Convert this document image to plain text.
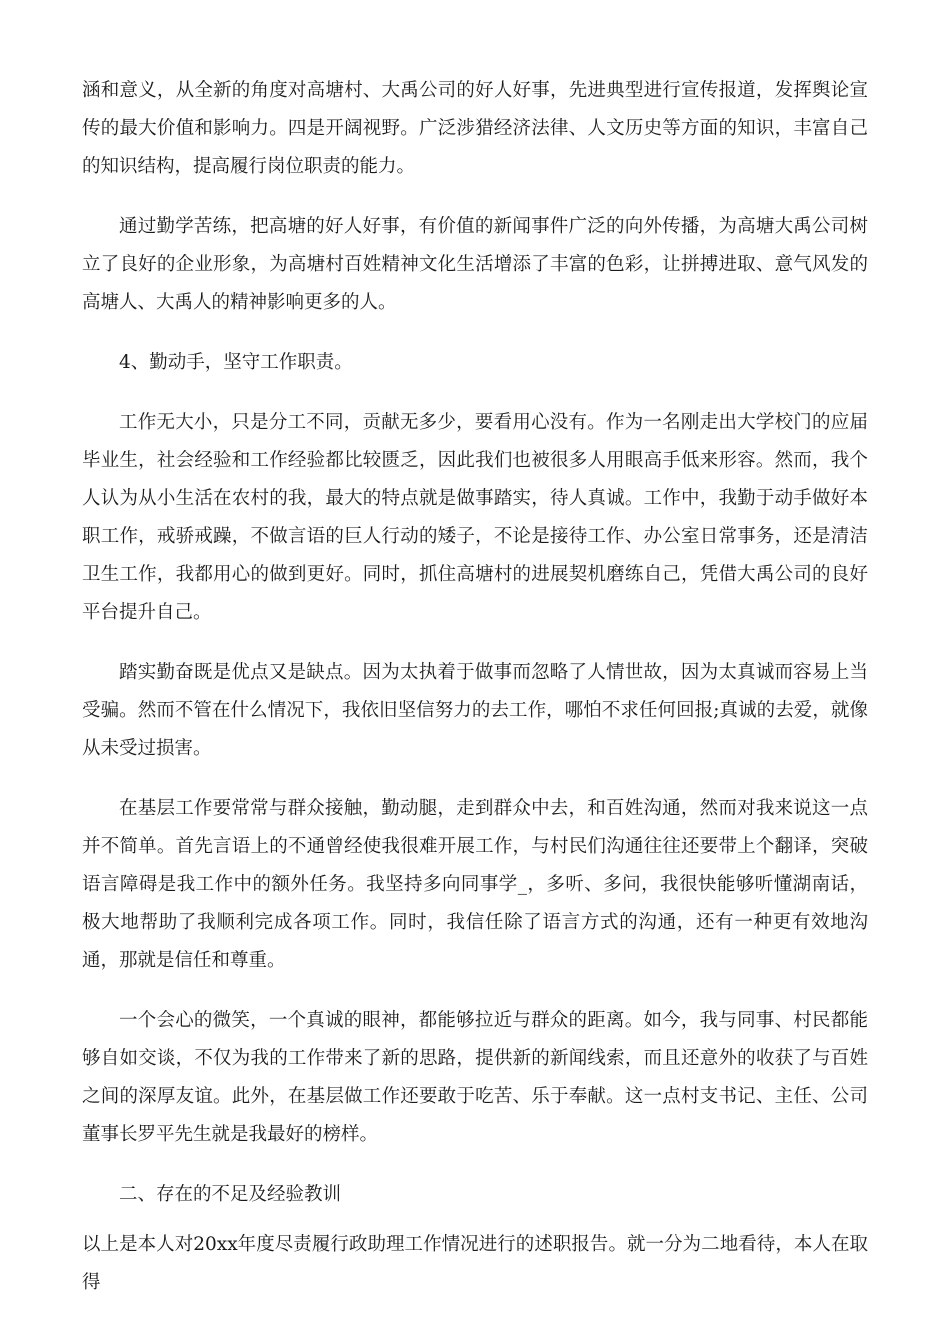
涵和意义，从全新的角度对高塘村、大禹公司的好人好事，先进典型进行宣传报道，发挥舆论宣传的最大价值和影响力。四是开阔视野。广泛涉猎经济法律、人文历史等方面的知识，丰富自己的知识结构，提高履行岗位职责的能力。

通过勤学苦练，把高塘的好人好事，有价值的新闻事件广泛的向外传播，为高塘大禹公司树立了良好的企业形象，为高塘村百姓精神文化生活增添了丰富的色彩，让拼搏进取、意气风发的高塘人、大禹人的精神影响更多的人。

4、勤动手，坚守工作职责。

工作无大小，只是分工不同，贡献无多少，要看用心没有。作为一名刚走出大学校门的应届毕业生，社会经验和工作经验都比较匮乏，因此我们也被很多人用眼高手低来形容。然而，我个人认为从小生活在农村的我，最大的特点就是做事踏实，待人真诚。工作中，我勤于动手做好本职工作，戒骄戒躁，不做言语的巨人行动的矮子，不论是接待工作、办公室日常事务，还是清洁卫生工作，我都用心的做到更好。同时，抓住高塘村的进展契机磨练自己，凭借大禹公司的良好平台提升自己。

踏实勤奋既是优点又是缺点。因为太执着于做事而忽略了人情世故，因为太真诚而容易上当受骗。然而不管在什么情况下，我依旧坚信努力的去工作，哪怕不求任何回报;真诚的去爱，就像从未受过损害。

在基层工作要常常与群众接触，勤动腿，走到群众中去，和百姓沟通，然而对我来说这一点并不简单。首先言语上的不通曾经使我很难开展工作，与村民们沟通往往还要带上个翻译，突破语言障碍是我工作中的额外任务。我坚持多向同事学_，多听、多问，我很快能够听懂湖南话，极大地帮助了我顺利完成各项工作。同时，我信任除了语言方式的沟通，还有一种更有效地沟通，那就是信任和尊重。

一个会心的微笑，一个真诚的眼神，都能够拉近与群众的距离。如今，我与同事、村民都能够自如交谈，不仅为我的工作带来了新的思路，提供新的新闻线索，而且还意外的收获了与百姓之间的深厚友谊。此外，在基层做工作还要敢于吃苦、乐于奉献。这一点村支书记、主任、公司董事长罗平先生就是我最好的榜样。

二、存在的不足及经验教训

以上是本人对20xx年度尽责履行政助理工作情况进行的述职报告。就一分为二地看待，本人在取得
